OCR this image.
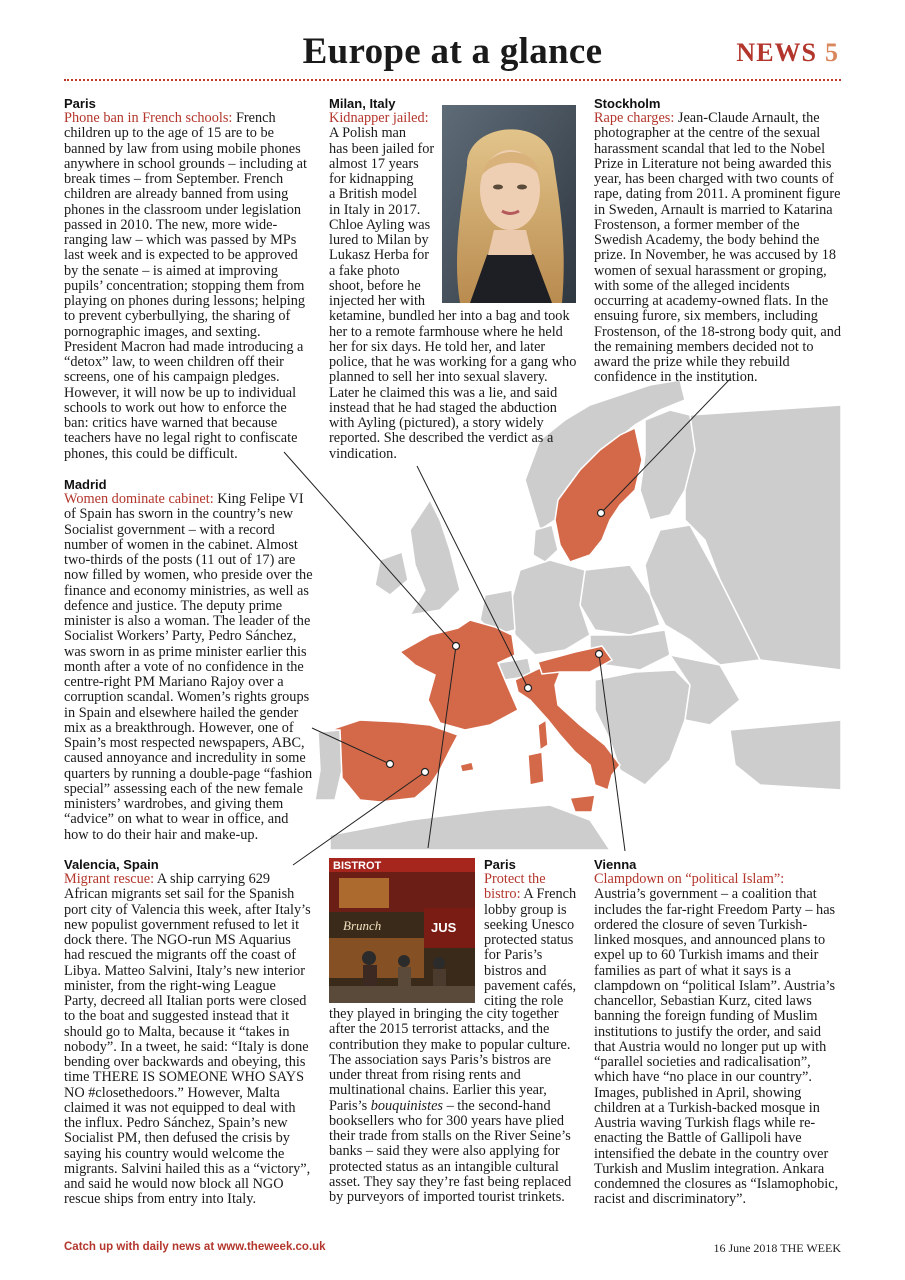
Europe at a glance	NEWS 5

Paris

Phone ban in French schools: French children up to the age of 15 are to be banned by law from using mobile phones anywhere in school grounds – including at break times – from September. French children are already banned from using phones in the classroom under legislation passed in 2010. The new, more wide-ranging law – which was passed by MPs last week and is expected to be approved by the senate – is aimed at improving pupils’ concentration; stopping them from playing on phones during lessons; helping to prevent cyberbullying, the sharing of pornographic images, and sexting. President Macron had made introducing a “detox” law, to ween children off their screens, one of his campaign pledges. However, it will now be up to individual schools to work out how to enforce the ban: critics have warned that because teachers have no legal right to confiscate phones, this could be difficult.

Milan, Italy

Kidnapper jailed:

A Polish man
has been jailed for
almost 17 years
for kidnapping
a British model
in Italy in 2017.
Chloe Ayling was
lured to Milan by
Lukasz Herba for
a fake photo
shoot, before he
injected her with

ketamine, bundled her into a bag and took her to a remote farmhouse where he held her for six days. He told her, and later police, that he was working for a gang who planned to sell her into sexual slavery. Later he claimed this was a lie, and said instead that he had staged the abduction with Ayling (pictured), a story widely reported. She described the verdict as a vindication.

Stockholm

Rape charges: Jean-Claude Arnault, the photographer at the centre of the sexual harassment scandal that led to the Nobel Prize in Literature not being awarded this year, has been charged with two counts of rape, dating from 2011. A prominent figure in Sweden, Arnault is married to Katarina Frostenson, a former member of the Swedish Academy, the body behind the prize. In November, he was accused by 18 women of sexual harassment or groping, with some of the alleged incidents occurring at academy-owned flats. In the ensuing furore, six members, including Frostenson, of the 18-strong body quit, and the remaining members decided not to award the prize while they rebuild confidence in the institution.

Madrid

Women dominate cabinet: King Felipe VI of Spain has sworn in the country’s new Socialist government – with a record number of women in the cabinet. Almost two-thirds of the posts (11 out of 17) are now filled by women, who preside over the finance and economy ministries, as well as defence and justice. The deputy prime minister is also a woman. The leader of the Socialist Workers’ Party, Pedro Sánchez, was sworn in as prime minister earlier this month after a vote of no confidence in the centre-right PM Mariano Rajoy over a corruption scandal. Women’s rights groups in Spain and elsewhere hailed the gender mix as a breakthrough. However, one of Spain’s most respected newspapers, ABC, caused annoyance and incredulity in some quarters by running a double-page “fashion special” assessing each of the new female ministers’ wardrobes, and giving them “advice” on what to wear in office, and how to do their hair and make-up.

Valencia, Spain

Migrant rescue: A ship carrying 629 African migrants set sail for the Spanish port city of Valencia this week, after Italy’s new populist government refused to let it dock there. The NGO-run MS Aquarius had rescued the migrants off the coast of Libya. Matteo Salvini, Italy’s new interior minister, from the right-wing League Party, decreed all Italian ports were closed to the boat and suggested instead that it should go to Malta, because it “takes in nobody”. In a tweet, he said: “Italy is done bending over backwards and obeying, this time THERE IS SOMEONE WHO SAYS NO #closethedoors.” However, Malta claimed it was not equipped to deal with the influx. Pedro Sánchez, Spain’s new Socialist PM, then defused the crisis by saying his country would welcome the migrants. Salvini hailed this as a “victory”, and said he would now block all NGO rescue ships from entry into Italy.

BISTROT
Brunch	JUS

Paris

Protect the
bistro: A French
lobby group is
seeking Unesco
protected status
for Paris’s
bistros and
pavement cafés,
citing the role

they played in bringing the city together after the 2015 terrorist attacks, and the contribution they make to popular culture. The association says Paris’s bistros are under threat from rising rents and multinational chains. Earlier this year, Paris’s bouquinistes – the second-hand booksellers who for 300 years have plied their trade from stalls on the River Seine’s banks – said they were also applying for protected status as an intangible cultural asset. They say they’re fast being replaced by purveyors of imported tourist trinkets.

Vienna

Clampdown on “political Islam”:

Austria’s government – a coalition that includes the far-right Freedom Party – has ordered the closure of seven Turkish-linked mosques, and announced plans to expel up to 60 Turkish imams and their families as part of what it says is a clampdown on “political Islam”. Austria’s chancellor, Sebastian Kurz, cited laws banning the foreign funding of Muslim institutions to justify the order, and said that Austria would no longer put up with “parallel societies and radicalisation”, which have “no place in our country”. Images, published in April, showing children at a Turkish-backed mosque in Austria waving Turkish flags while re-enacting the Battle of Gallipoli have intensified the debate in the country over Turkish and Muslim integration. Ankara condemned the closures as “Islamophobic, racist and discriminatory”.

Catch up with daily news at www.theweek.co.uk	16 June 2018 THE WEEK
